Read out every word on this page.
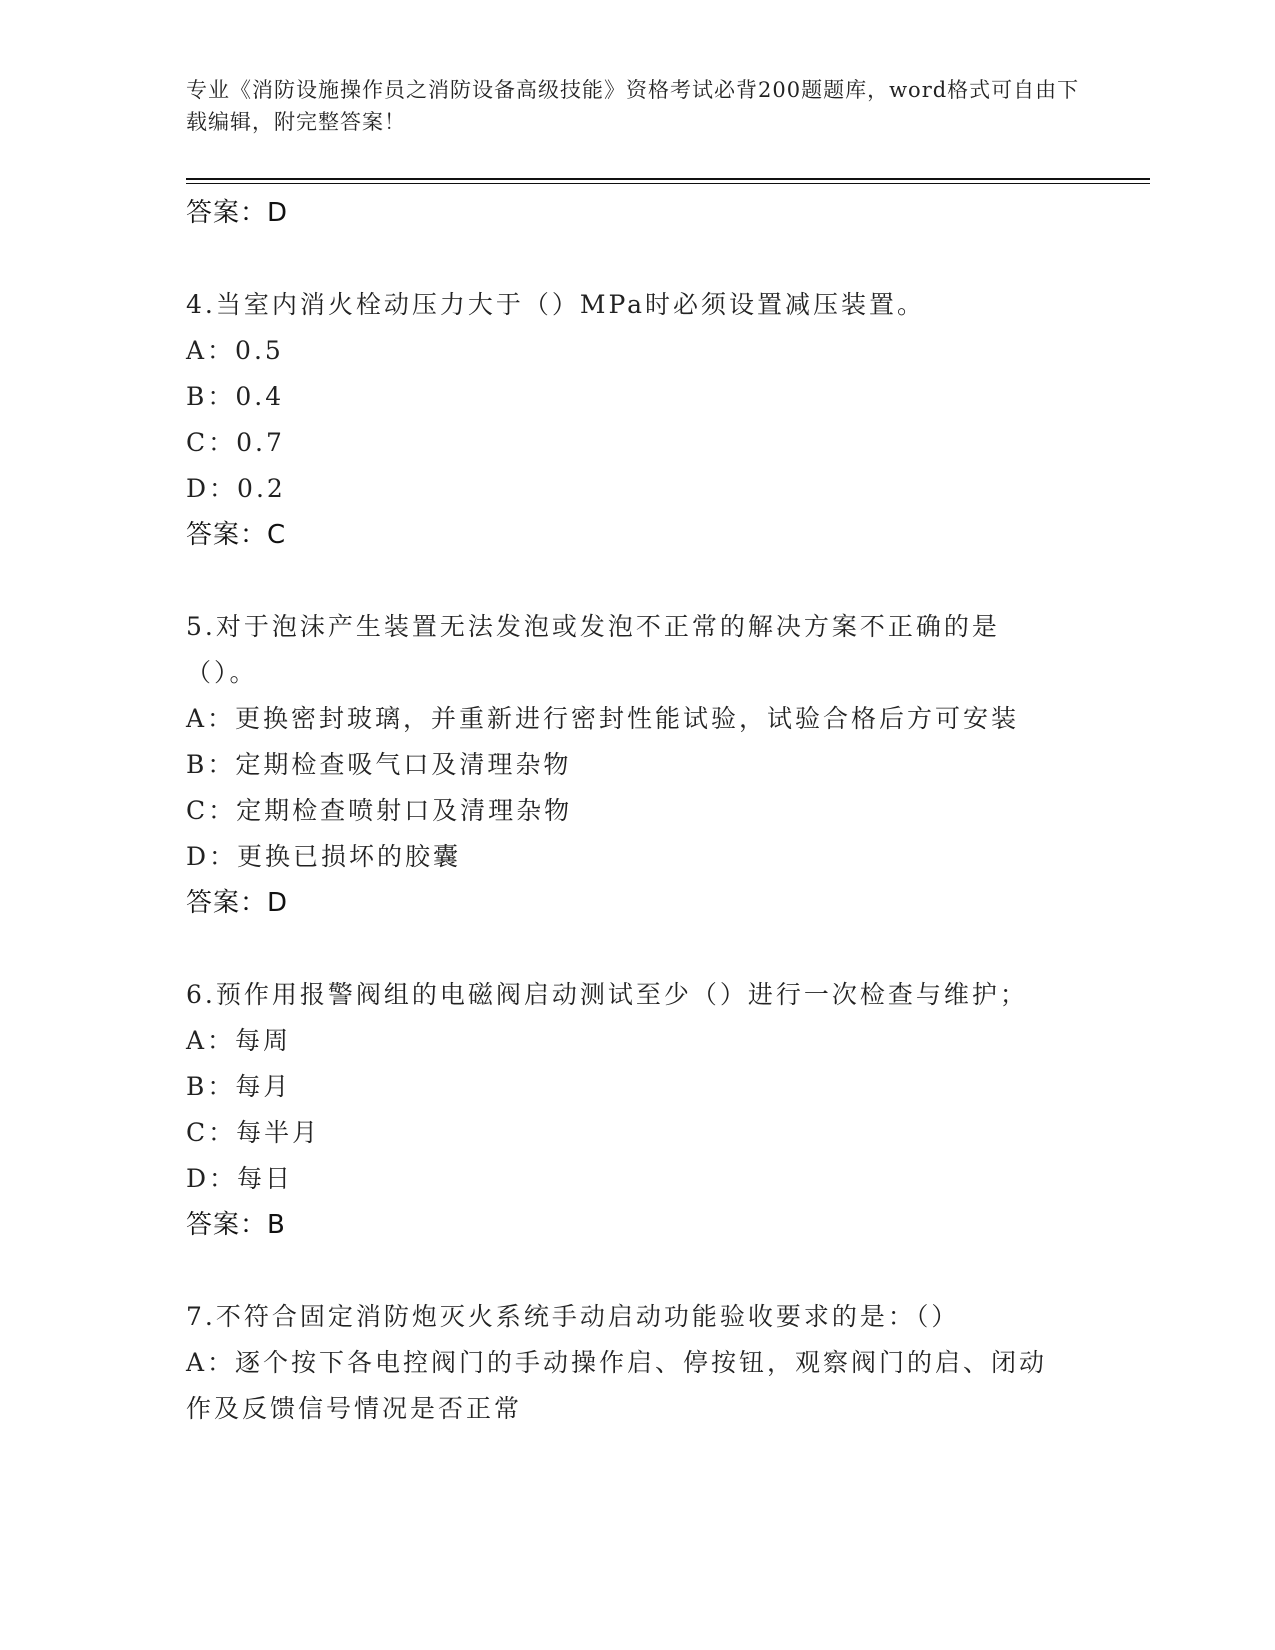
专业《消防设施操作员之消防设备高级技能》资格考试必背200题题库，word格式可自由下载编辑，附完整答案！
答案：D
4.当室内消火栓动压力大于（）MPa时必须设置减压装置。
A：0.5
B：0.4
C：0.7
D：0.2
答案：C
5.对于泡沫产生装置无法发泡或发泡不正常的解决方案不正确的是（）。
A：更换密封玻璃，并重新进行密封性能试验，试验合格后方可安装
B：定期检查吸气口及清理杂物
C：定期检查喷射口及清理杂物
D：更换已损坏的胶囊
答案：D
6.预作用报警阀组的电磁阀启动测试至少（）进行一次检查与维护；
A：每周
B：每月
C：每半月
D：每日
答案：B
7.不符合固定消防炮灭火系统手动启动功能验收要求的是：（）
A：逐个按下各电控阀门的手动操作启、停按钮，观察阀门的启、闭动作及反馈信号情况是否正常
